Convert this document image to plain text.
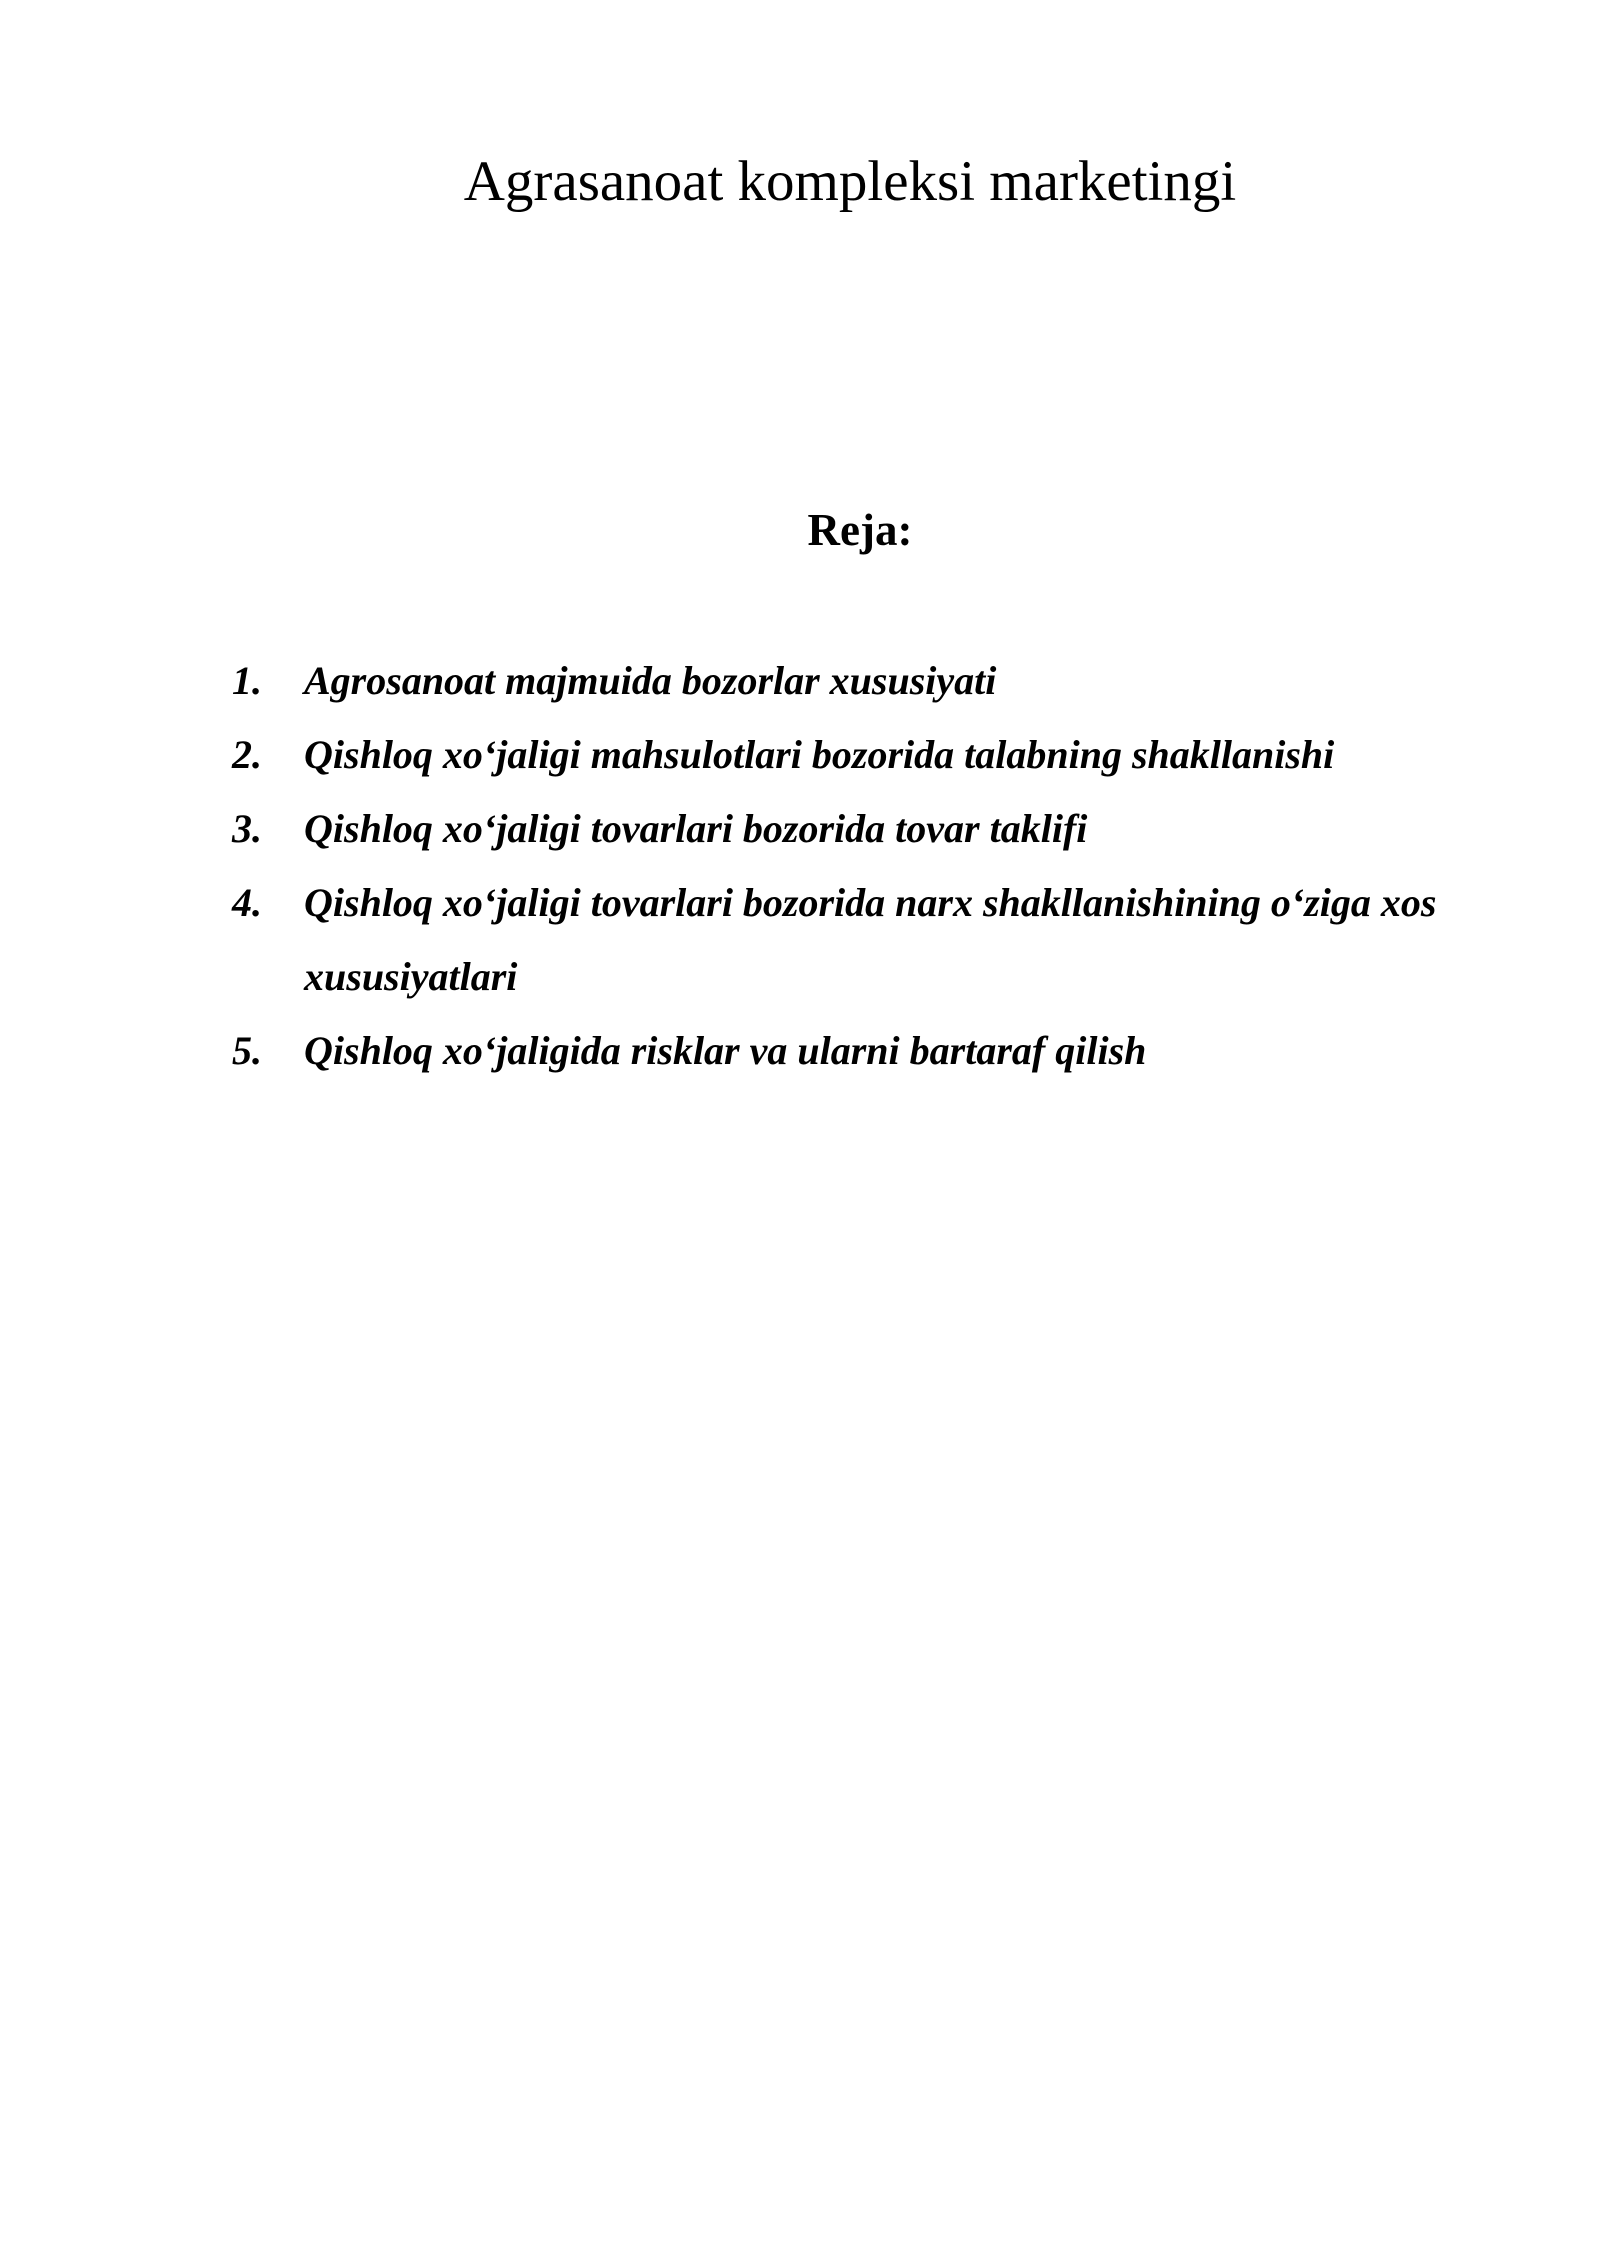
Agrasanoat kompleksi marketingi
Reja:
1.	Agrosanoat majmuida bozorlar xususiyati
2.	Qishloq xo‘jaligi mahsulotlari bozorida talabning shakllanishi
3.	Qishloq xo‘jaligi tovarlari bozorida tovar taklifi
4.	Qishloq xo‘jaligi tovarlari bozorida narx shakllanishining o‘ziga xos xususiyatlari
5.	Qishloq xo‘jaligida risklar va ularni bartaraf qilish
